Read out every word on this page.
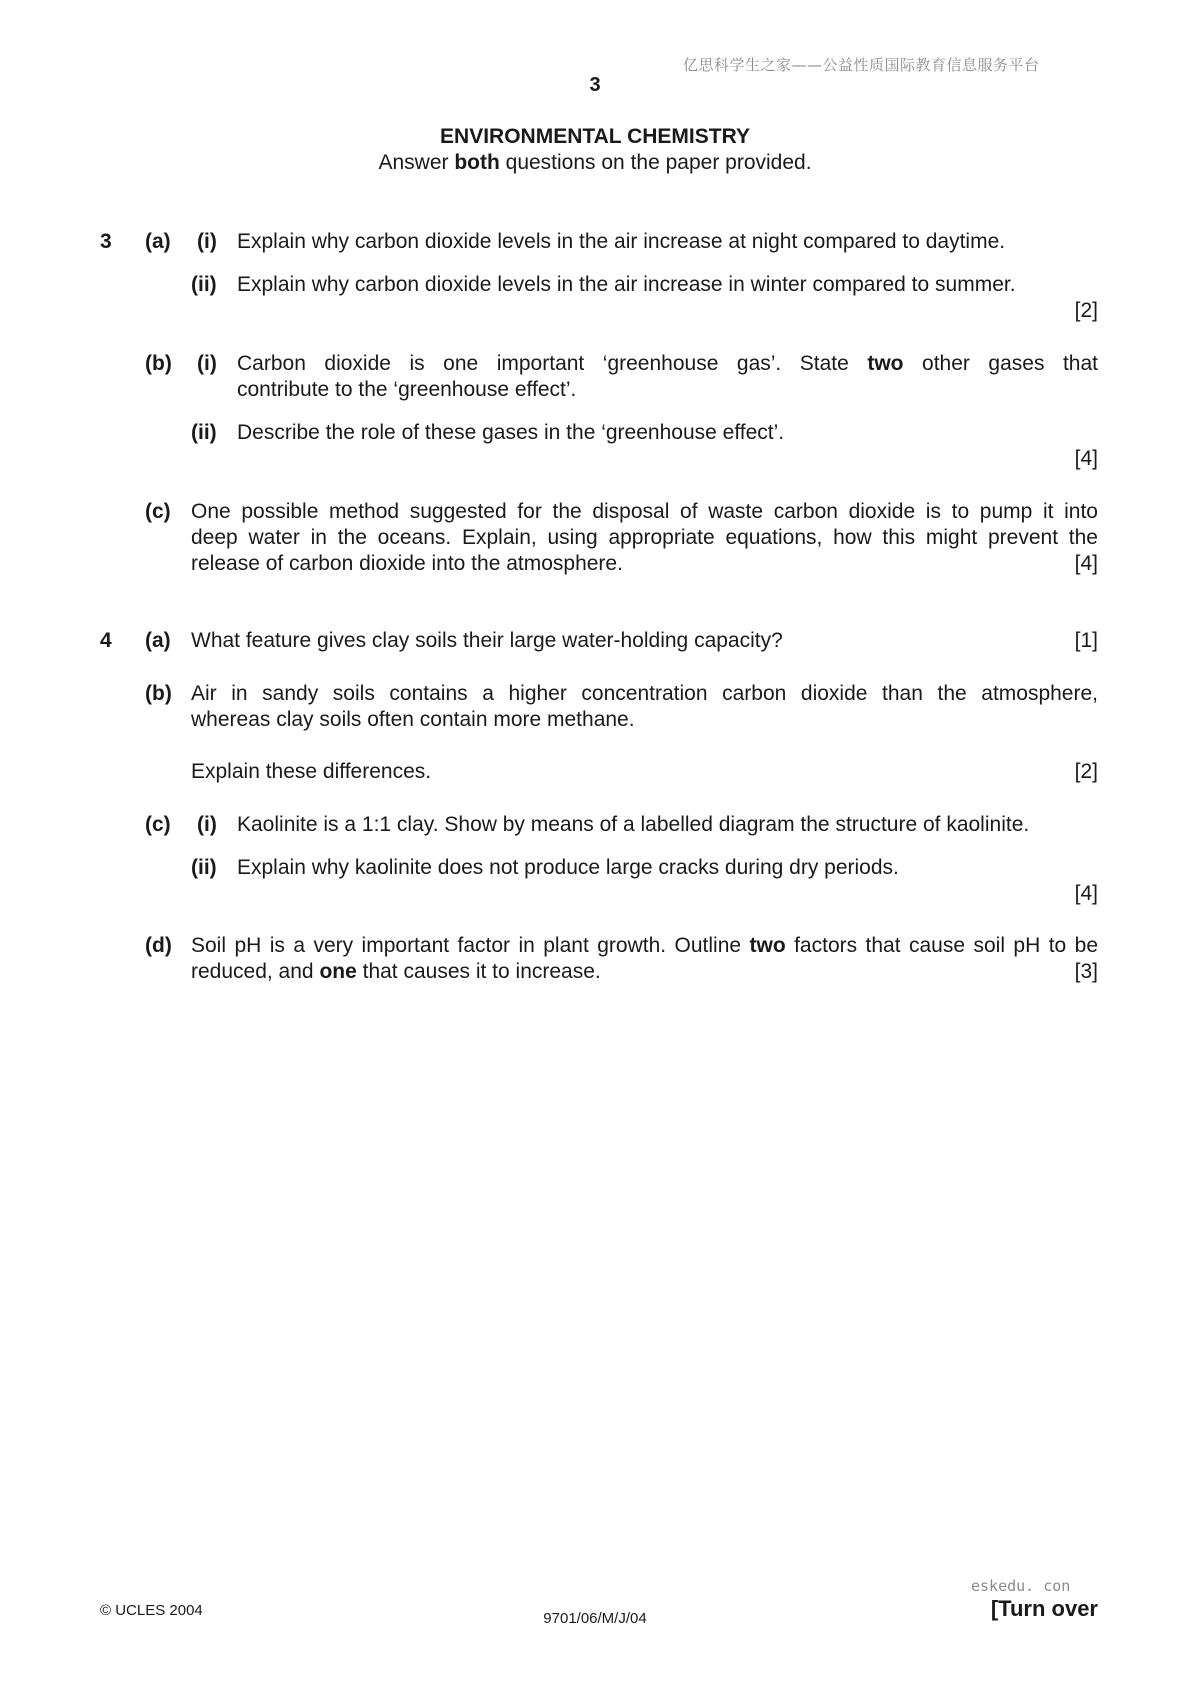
亿思科学生之家——公益性质国际教育信息服务平台
3
ENVIRONMENTAL CHEMISTRY
Answer both questions on the paper provided.
3 (a) (i) Explain why carbon dioxide levels in the air increase at night compared to daytime.
(ii) Explain why carbon dioxide levels in the air increase in winter compared to summer.
[2]
(b) (i) Carbon dioxide is one important ‘greenhouse gas’. State two other gases that
contribute to the ‘greenhouse effect’.
(ii) Describe the role of these gases in the ‘greenhouse effect’.
[4]
(c) One possible method suggested for the disposal of waste carbon dioxide is to pump it into
deep water in the oceans. Explain, using appropriate equations, how this might prevent the
release of carbon dioxide into the atmosphere.	[4]
4 (a) What feature gives clay soils their large water-holding capacity?	[1]
(b) Air in sandy soils contains a higher concentration carbon dioxide than the atmosphere,
whereas clay soils often contain more methane.
Explain these differences.	[2]
(c) (i) Kaolinite is a 1:1 clay. Show by means of a labelled diagram the structure of kaolinite.
(ii) Explain why kaolinite does not produce large cracks during dry periods.
[4]
(d) Soil pH is a very important factor in plant growth. Outline two factors that cause soil pH to be
reduced, and one that causes it to increase.	[3]
eskedu. con
© UCLES 2004	9701/06/M/J/04	[Turn over
